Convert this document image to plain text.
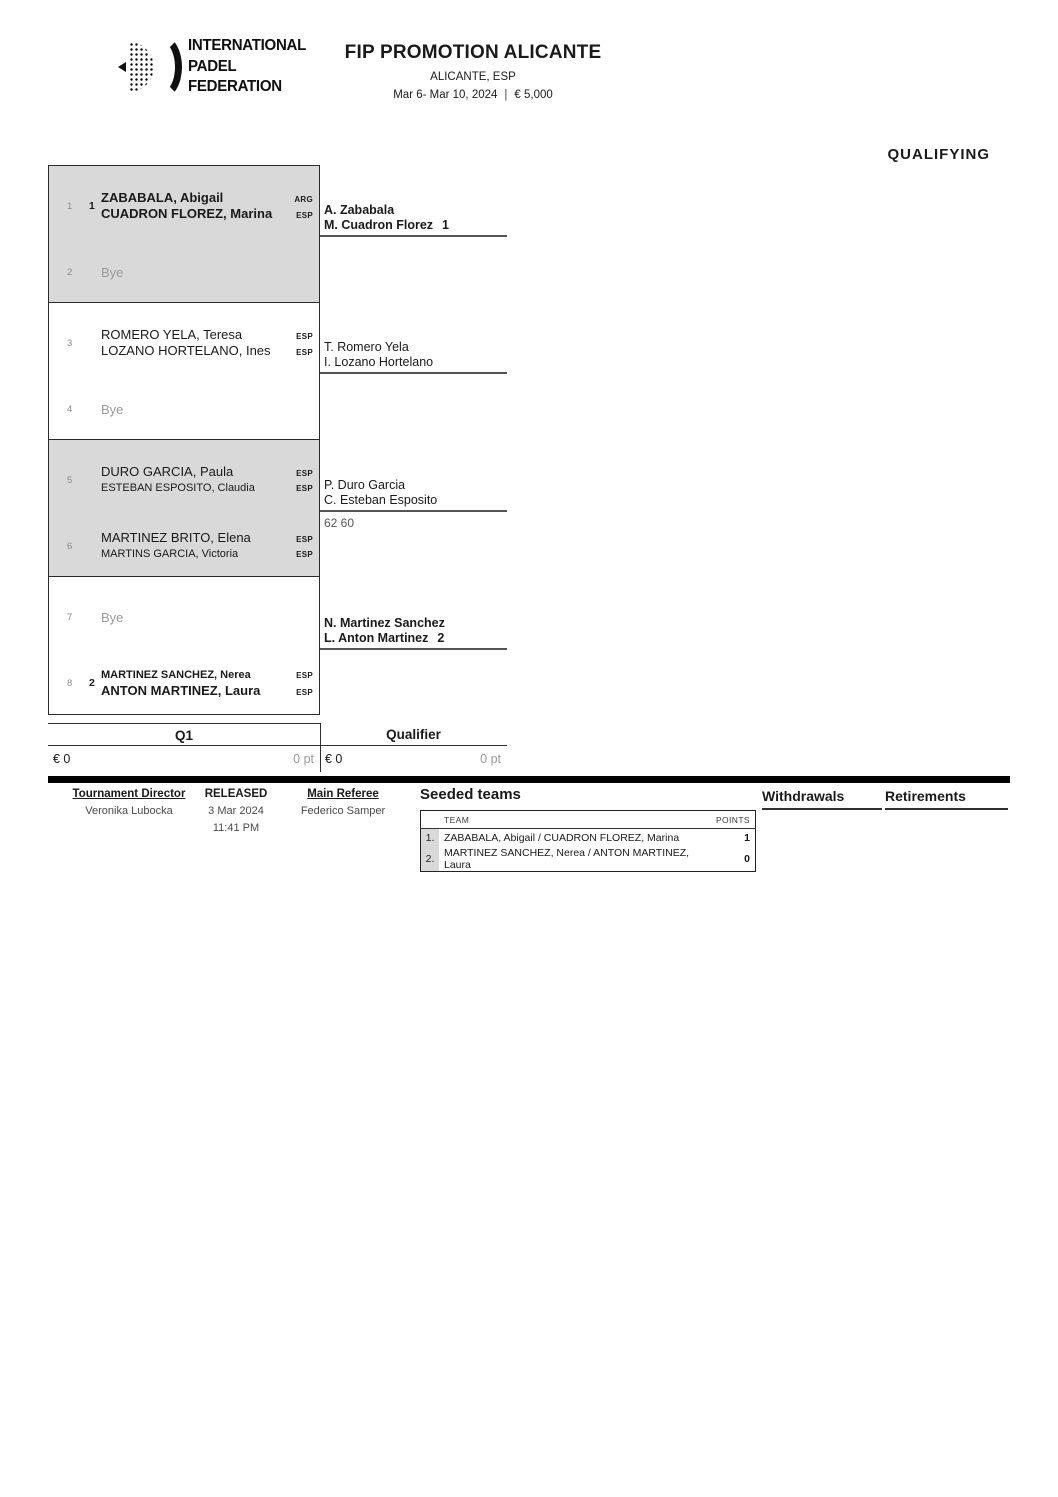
INTERNATIONAL
PADEL
FEDERATION
FIP PROMOTION ALICANTE
ALICANTE, ESP
Mar 6- Mar 10, 2024 | € 5,000
QUALIFYING
1	1
ZABABALA, Abigail	ARG
CUADRON FLOREZ, Marina	ESP
2	Bye
3
ROMERO YELA, Teresa	ESP
LOZANO HORTELANO, Ines	ESP
4	Bye
5
DURO GARCIA, Paula	ESP
ESTEBAN ESPOSITO, Claudia	ESP
6
MARTINEZ BRITO, Elena	ESP
MARTINS GARCIA, Victoria	ESP
7	Bye
8	2
MARTINEZ SANCHEZ, Nerea	ESP
ANTON MARTINEZ, Laura	ESP
A. Zababala
M. Cuadron Florez 1
T. Romero Yela
I. Lozano Hortelano
P. Duro Garcia
C. Esteban Esposito
62 60
N. Martinez Sanchez
L. Anton Martinez 2
Q1
€ 0	0 pt
Qualifier
€ 0	0 pt
Tournament Director
Veronika Lubocka
RELEASED
3 Mar 2024
11:41 PM
Main Referee
Federico Samper
Seeded teams
	TEAM	POINTS
1.	ZABABALA, Abigail / CUADRON FLOREZ, Marina	1
2.	MARTINEZ SANCHEZ, Nerea / ANTON MARTINEZ, Laura	0
Withdrawals	Retirements
